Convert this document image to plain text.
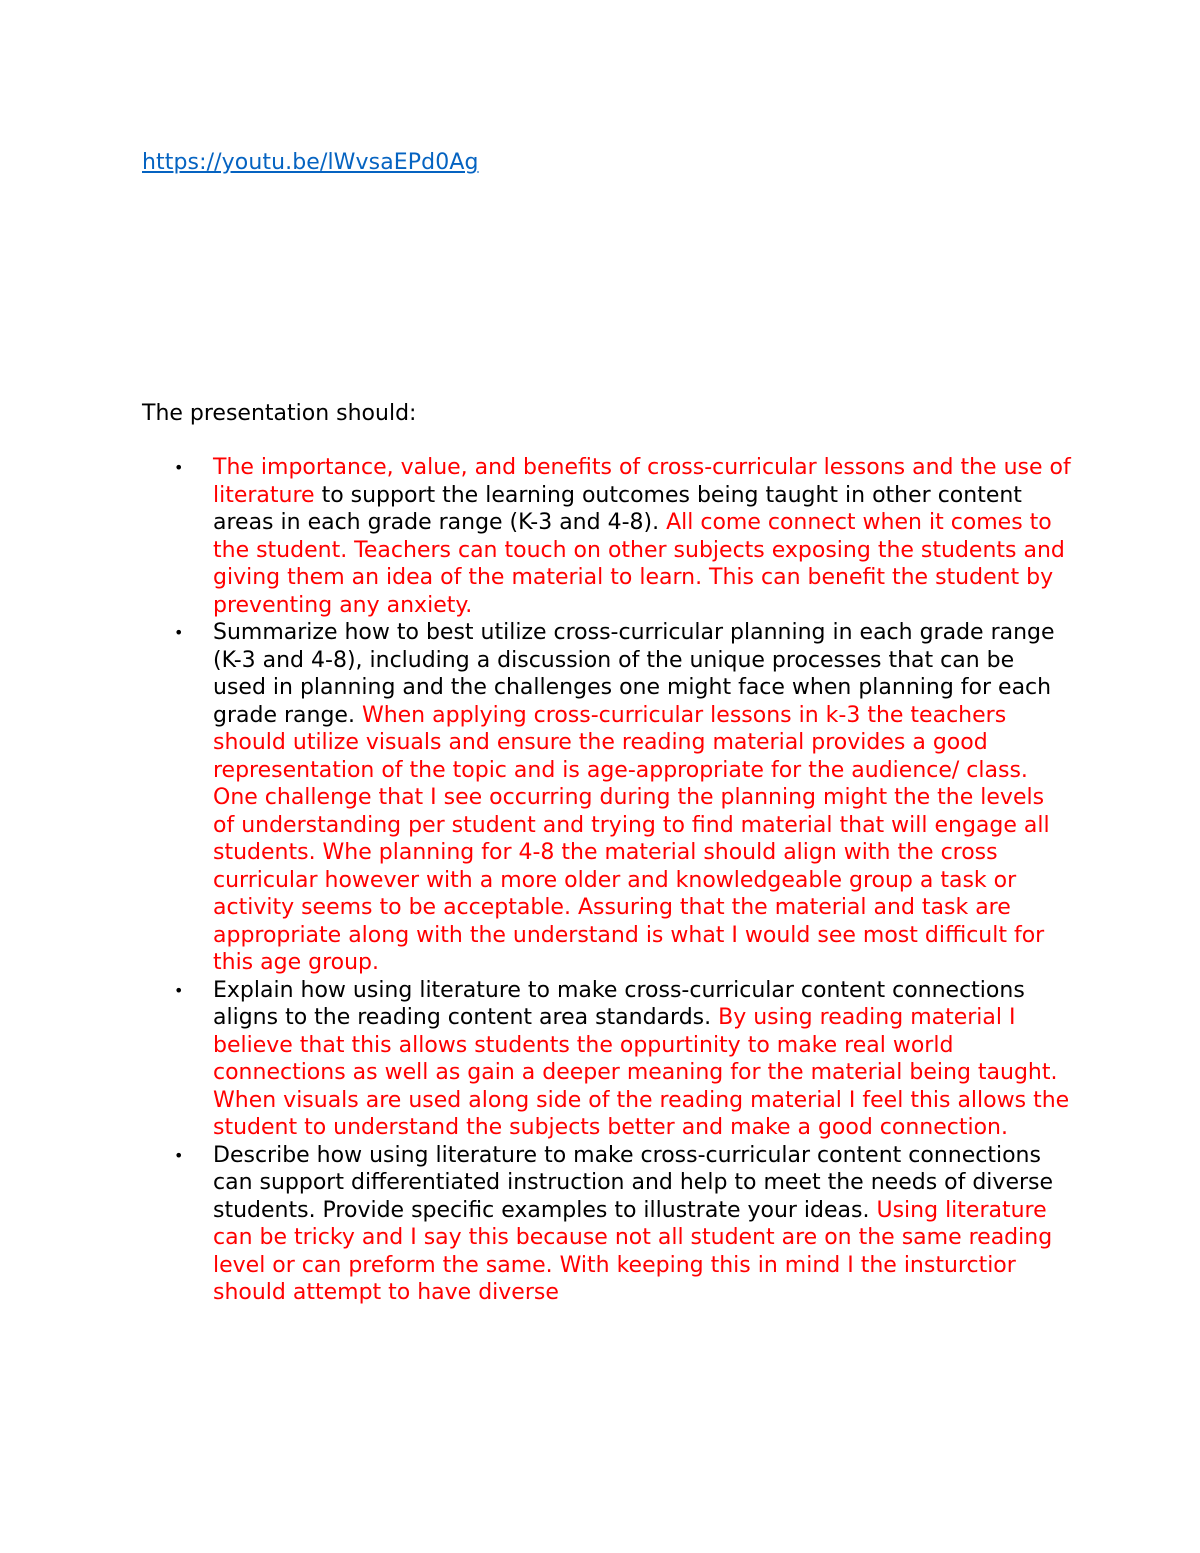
https://youtu.be/lWvsaEPd0Ag

The presentation should:

• The importance, value, and benefits of cross-curricular lessons and the use of literature to support the learning outcomes being taught in other content areas in each grade range (K-3 and 4-8). All come connect when it comes to the student. Teachers can touch on other subjects exposing the students and giving them an idea of the material to learn. This can benefit the student by preventing any anxiety.
• Summarize how to best utilize cross-curricular planning in each grade range (K-3 and 4-8), including a discussion of the unique processes that can be used in planning and the challenges one might face when planning for each grade range. When applying cross-curricular lessons in k-3 the teachers should utilize visuals and ensure the reading material provides a good representation of the topic and is age-appropriate for the audience/ class. One challenge that I see occurring during the planning might the the levels of understanding per student and trying to find material that will engage all students. Whe planning for 4-8 the material should align with the cross curricular however with a more older and knowledgeable group a task or activity seems to be acceptable. Assuring that the material and task are appropriate along with the understand is what I would see most difficult for this age group.
• Explain how using literature to make cross-curricular content connections aligns to the reading content area standards. By using reading material I believe that this allows students the oppurtinity to make real world connections as well as gain a deeper meaning for the material being taught. When visuals are used along side of the reading material I feel this allows the student to understand the subjects better and make a good connection.
• Describe how using literature to make cross-curricular content connections can support differentiated instruction and help to meet the needs of diverse students. Provide specific examples to illustrate your ideas. Using literature can be tricky and I say this because not all student are on the same reading level or can preform the same. With keeping this in mind I the insturctior should attempt to have diverse
